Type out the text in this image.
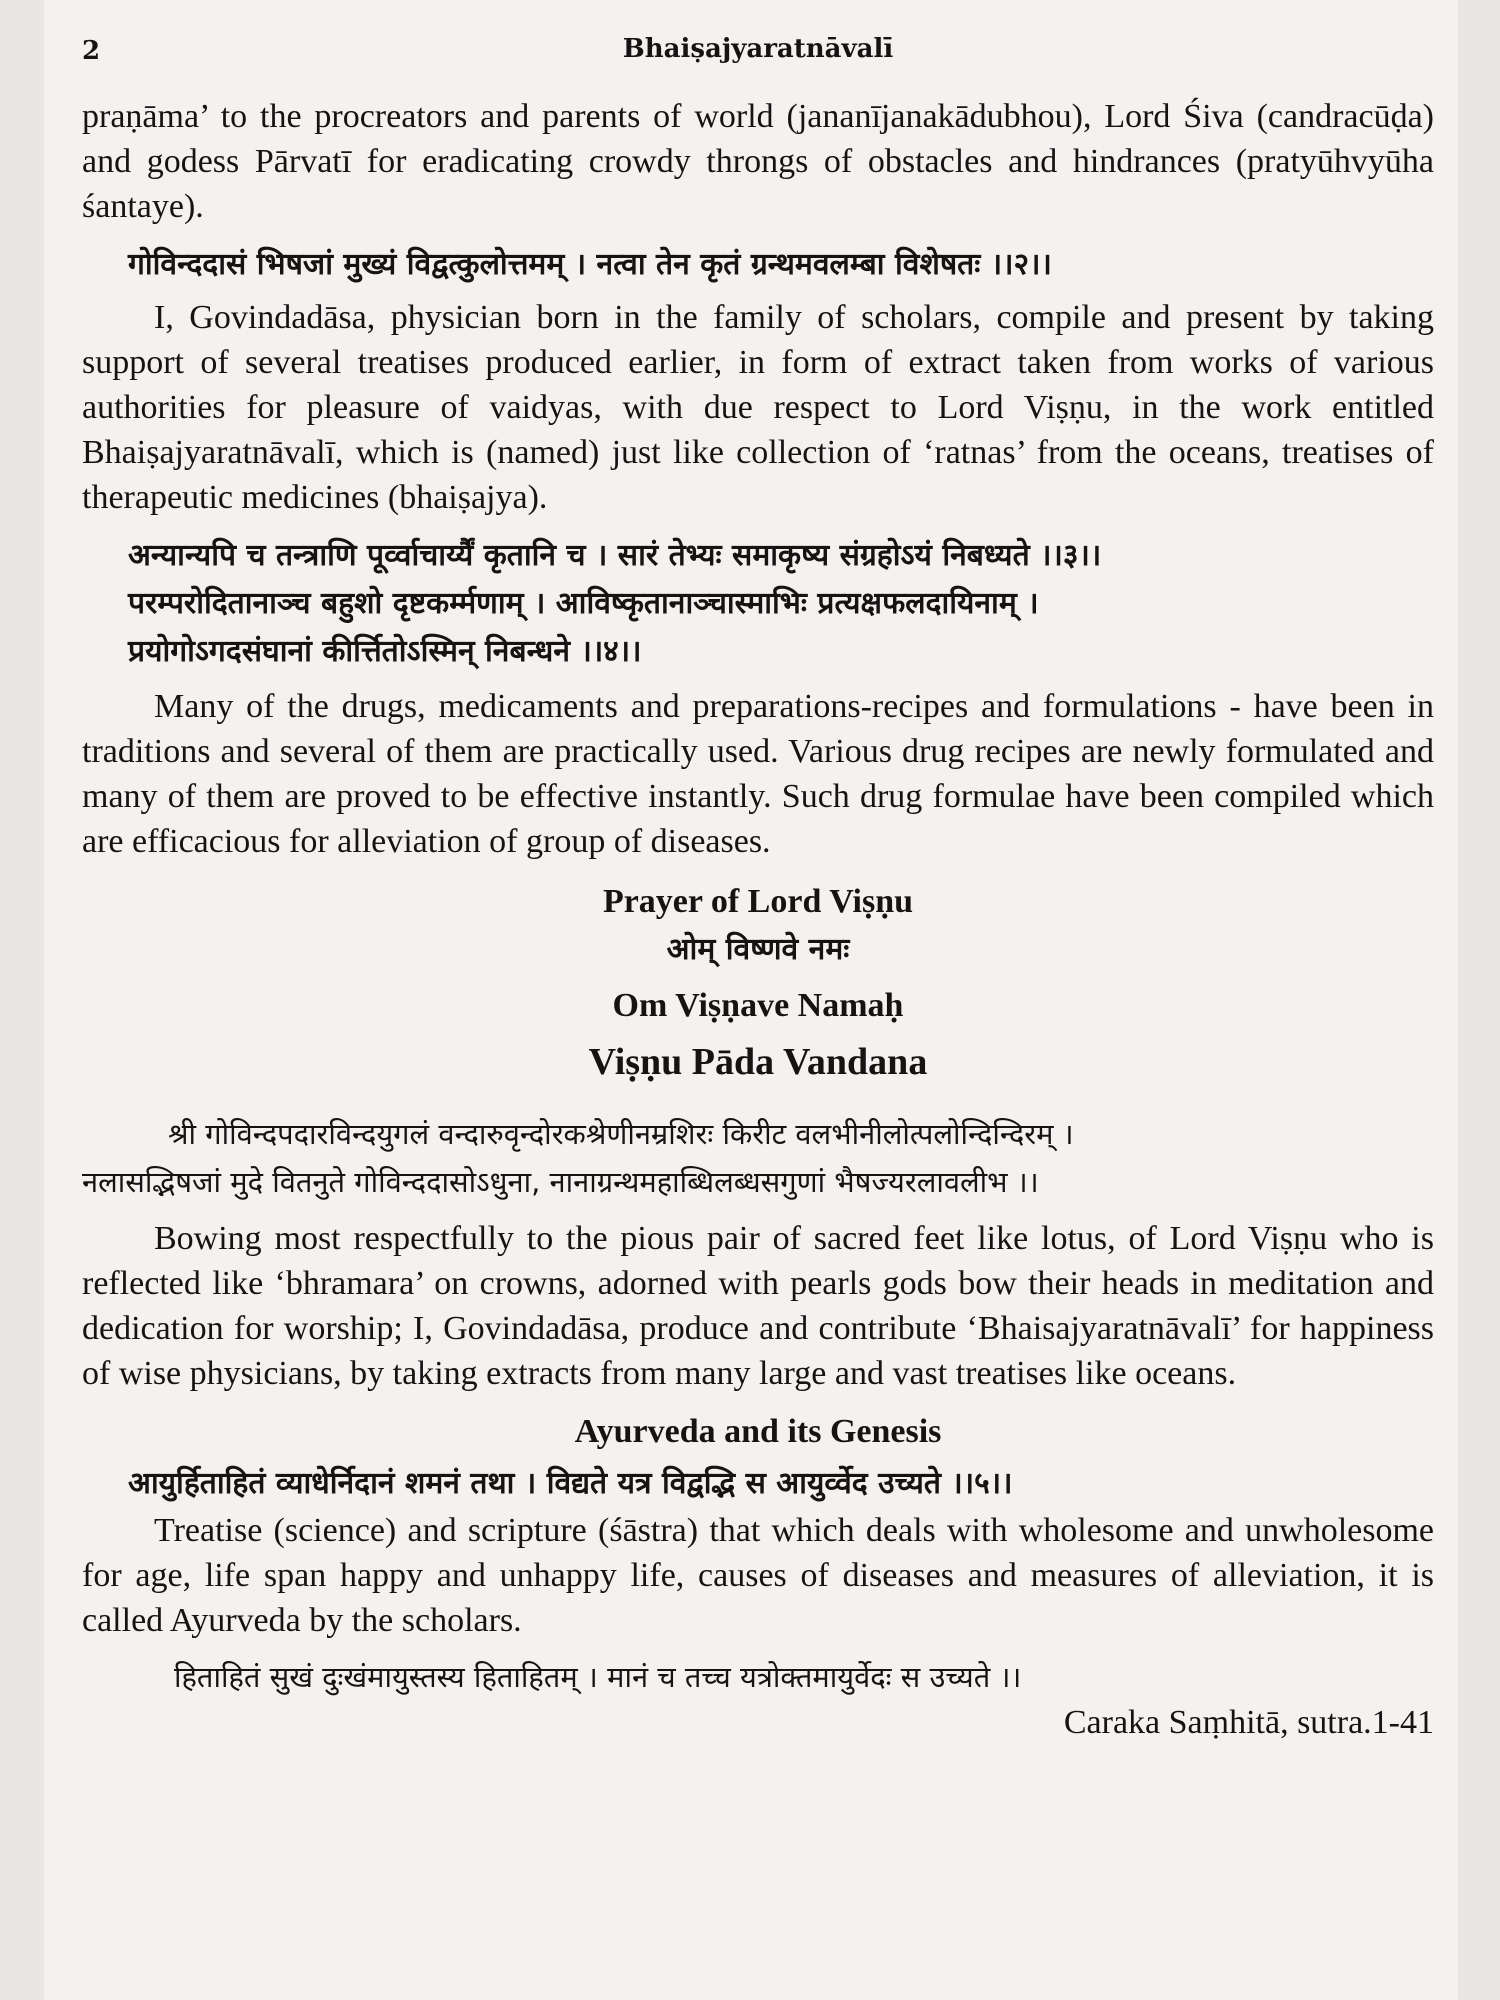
2	Bhaiṣajyaratnāvalī

praṇāma’ to the procreators and parents of world (jananījanakādubhou), Lord Śiva (candracūḍa) and godess Pārvatī for eradicating crowdy throngs of obstacles and hindrances (pratyūhvyūha śantaye).

गोविन्ददासं भिषजां मुख्यं विद्वत्कुलोत्तमम् । नत्वा तेन कृतं ग्रन्थमवलम्बा विशेषतः ।।२।।

I, Govindadāsa, physician born in the family of scholars, compile and present by taking support of several treatises produced earlier, in form of extract taken from works of various authorities for pleasure of vaidyas, with due respect to Lord Viṣṇu, in the work entitled Bhaiṣajyaratnāvalī, which is (named) just like collection of ‘ratnas’ from the oceans, treatises of therapeutic medicines (bhaiṣajya).

अन्यान्यपि च तन्त्राणि पूर्व्वाचार्य्यैं कृतानि च । सारं तेभ्यः समाकृष्य संग्रहोऽयं निबध्यते ।।३।।

परम्परोदितानाञ्च बहुशो दृष्टकर्म्मणाम् । आविष्कृतानाञ्चास्माभिः प्रत्यक्षफलदायिनाम् ।

प्रयोगोऽगदसंघानां कीर्त्तितोऽस्मिन् निबन्धने ।।४।।

Many of the drugs, medicaments and preparations-recipes and formulations - have been in traditions and several of them are practically used. Various drug recipes are newly formulated and many of them are proved to be effective instantly. Such drug formulae have been compiled which are efficacious for alleviation of group of diseases.

Prayer of Lord Viṣṇu
ओम् विष्णवे नमः
Om Viṣṇave Namaḥ
Viṣṇu Pāda Vandana

श्री गोविन्दपदारविन्दयुगलं वन्दारुवृन्दोरकश्रेणीनम्रशिरः किरीट वलभीनीलोत्पलोन्दिन्दिरम् ।

नलासद्भिषजां मुदे वितनुते गोविन्ददासोऽधुना, नानाग्रन्थमहाब्धिलब्धसगुणां भैषज्यरलावलीभ ।।

Bowing most respectfully to the pious pair of sacred feet like lotus, of Lord Viṣṇu who is reflected like ‘bhramara’ on crowns, adorned with pearls gods bow their heads in meditation and dedication for worship; I, Govindadāsa, produce and contribute ‘Bhaisajyaratnāvalī’ for happiness of wise physicians, by taking extracts from many large and vast treatises like oceans.

Ayurveda and its Genesis

आयुर्हिताहितं व्याधेर्निदानं शमनं तथा । विद्यते यत्र विद्वद्भि स आयुर्व्वेद उच्यते ।।५।।

Treatise (science) and scripture (śāstra) that which deals with wholesome and unwholesome for age, life span happy and unhappy life, causes of diseases and measures of alleviation, it is called Ayurveda by the scholars.

हिताहितं सुखं दुःखंमायुस्तस्य हिताहितम् । मानं च तच्च यत्रोक्तमायुर्वेदः स उच्यते ।।

Caraka Saṃhitā, sutra.1-41
